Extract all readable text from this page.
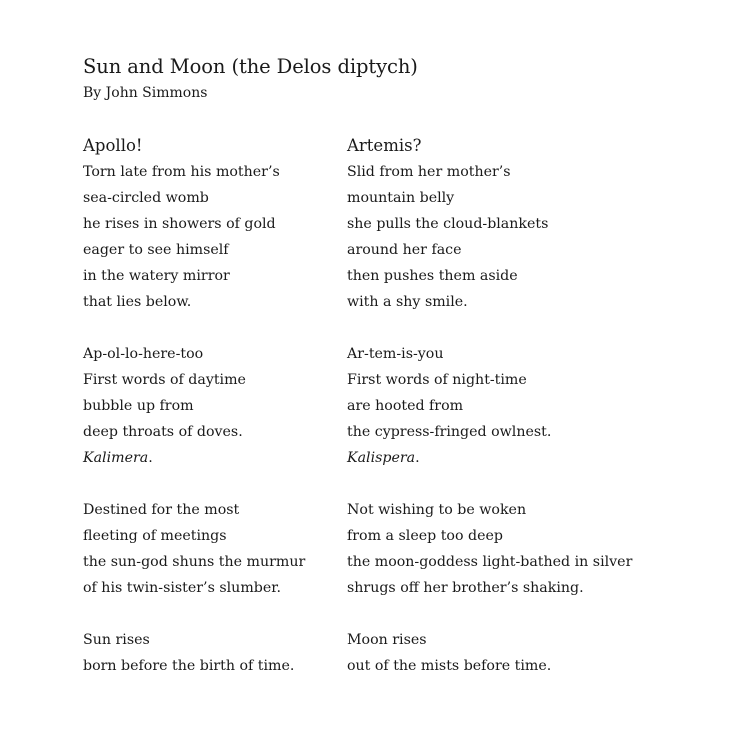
Sun and Moon (the Delos diptych)
By John Simmons
Apollo!
Torn late from his mother’s
sea-circled womb
he rises in showers of gold
eager to see himself
in the watery mirror
that lies below.
Ap-ol-lo-here-too
First words of daytime
bubble up from
deep throats of doves.
Kalimera.
Destined for the most
fleeting of meetings
the sun-god shuns the murmur
of his twin-sister’s slumber.
Sun rises
born before the birth of time.
Artemis?
Slid from her mother’s
mountain belly
she pulls the cloud-blankets
around her face
then pushes them aside
with a shy smile.
Ar-tem-is-you
First words of night-time
are hooted from
the cypress-fringed owlnest.
Kalispera.
Not wishing to be woken
from a sleep too deep
the moon-goddess light-bathed in silver
shrugs off her brother’s shaking.
Moon rises
out of the mists before time.
